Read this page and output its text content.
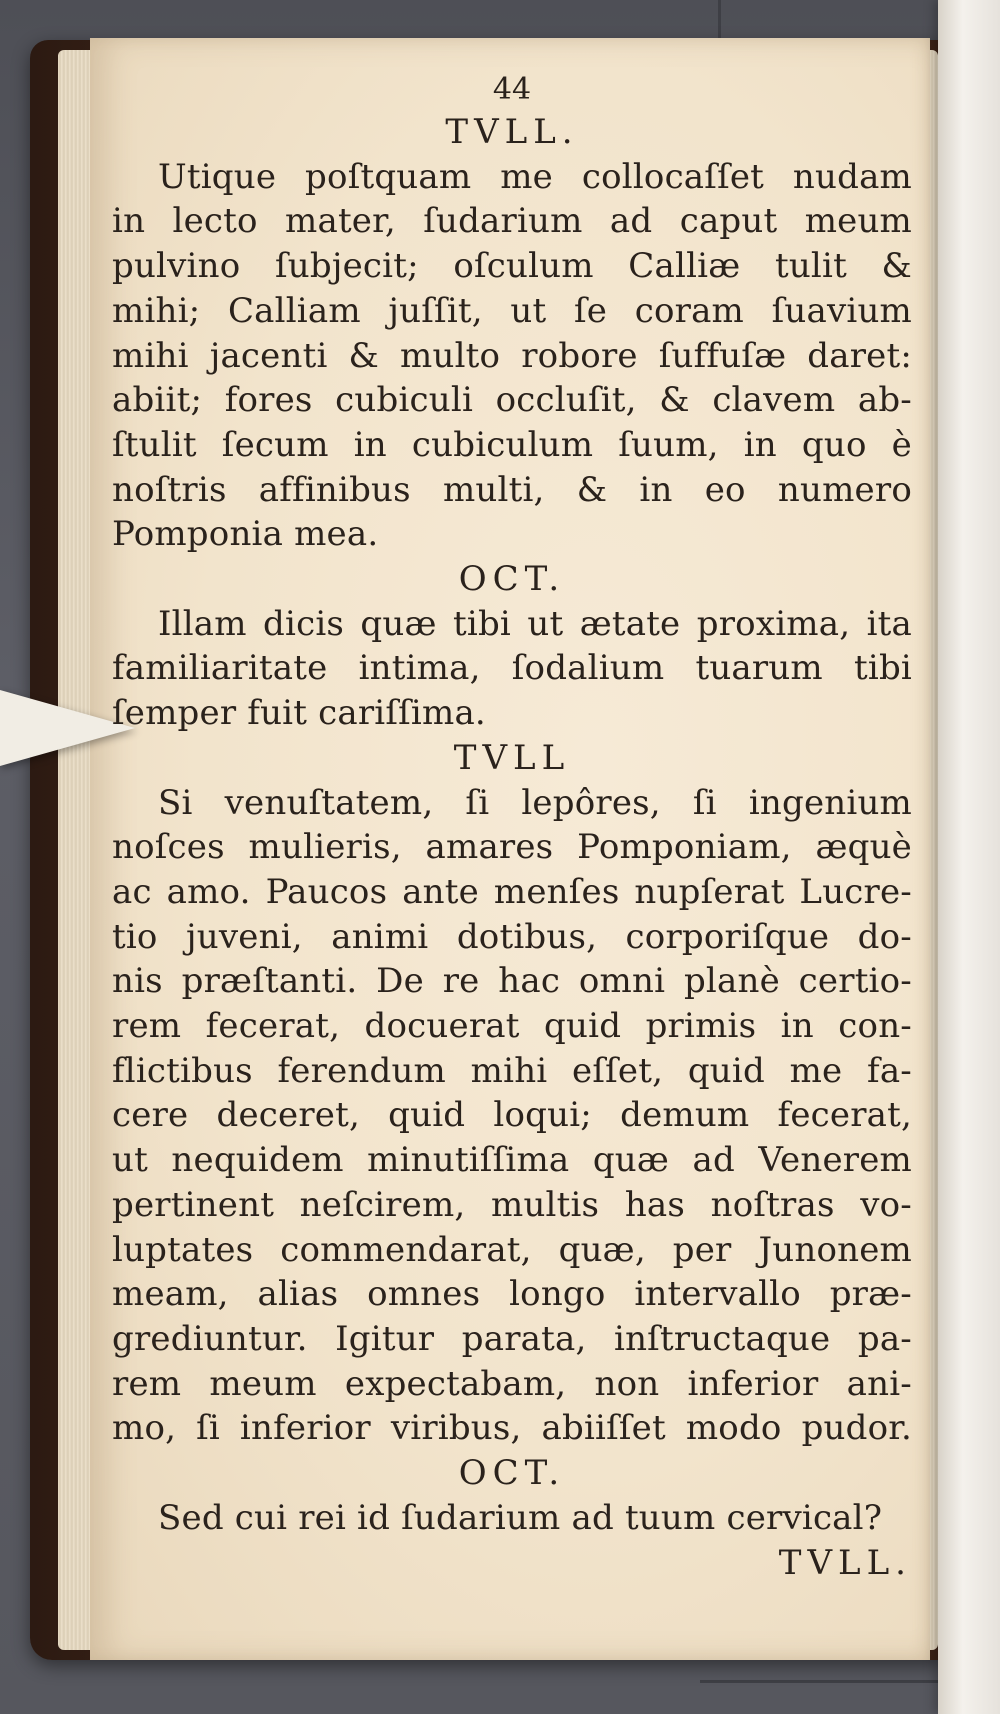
44
TVLL.
Utique poſtquam me collocaſſet nudam
in lecto mater, ſudarium ad caput meum
pulvino ſubjecit; oſculum Calliæ tulit &
mihi; Calliam juſſit, ut ſe coram ſuavium
mihi jacenti & multo robore ſuffuſæ daret:
abiit; fores cubiculi occluſit, & clavem ab-
ſtulit ſecum in cubiculum ſuum, in quo è
noſtris affinibus multi, & in eo numero
Pomponia mea.
OCT.
Illam dicis quæ tibi ut ætate proxima, ita
familiaritate intima, ſodalium tuarum tibi
ſemper fuit cariſſima.
TVLL
Si venuſtatem, ſi lepôres, ſi ingenium
noſces mulieris, amares Pomponiam, æquè
ac amo. Paucos ante menſes nupſerat Lucre-
tio juveni, animi dotibus, corporiſque do-
nis præſtanti. De re hac omni planè certio-
rem fecerat, docuerat quid primis in con-
flictibus ferendum mihi eſſet, quid me fa-
cere deceret, quid loqui; demum fecerat,
ut nequidem minutiſſima quæ ad Venerem
pertinent neſcirem, multis has noſtras vo-
luptates commendarat, quæ, per Junonem
meam, alias omnes longo intervallo præ-
grediuntur. Igitur parata, inſtructaque pa-
rem meum expectabam, non inferior ani-
mo, ſi inferior viribus, abiiſſet modo pudor.
OCT.
Sed cui rei id ſudarium ad tuum cervical?
TVLL.
